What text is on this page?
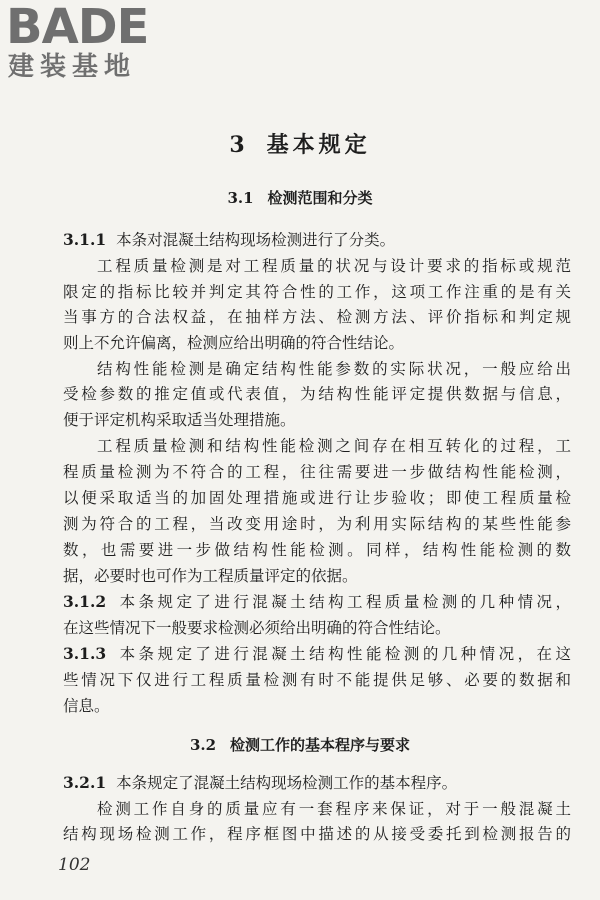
BADE
建装基地
3 基本规定
3.1 检测范围和分类
3.1.1 本条对混凝土结构现场检测进行了分类。
工程质量检测是对工程质量的状况与设计要求的指标或规范
限定的指标比较并判定其符合性的工作，这项工作注重的是有关
当事方的合法权益，在抽样方法、检测方法、评价指标和判定规
则上不允许偏离，检测应给出明确的符合性结论。
结构性能检测是确定结构性能参数的实际状况，一般应给出
受检参数的推定值或代表值，为结构性能评定提供数据与信息，
便于评定机构采取适当处理措施。
工程质量检测和结构性能检测之间存在相互转化的过程，工
程质量检测为不符合的工程，往往需要进一步做结构性能检测，
以便采取适当的加固处理措施或进行让步验收；即使工程质量检
测为符合的工程，当改变用途时，为利用实际结构的某些性能参
数，也需要进一步做结构性能检测。同样，结构性能检测的数
据，必要时也可作为工程质量评定的依据。
3.1.2 本条规定了进行混凝土结构工程质量检测的几种情况，
在这些情况下一般要求检测必须给出明确的符合性结论。
3.1.3 本条规定了进行混凝土结构性能检测的几种情况，在这
些情况下仅进行工程质量检测有时不能提供足够、必要的数据和
信息。
3.2 检测工作的基本程序与要求
3.2.1 本条规定了混凝土结构现场检测工作的基本程序。
检测工作自身的质量应有一套程序来保证，对于一般混凝土
结构现场检测工作，程序框图中描述的从接受委托到检测报告的
102
